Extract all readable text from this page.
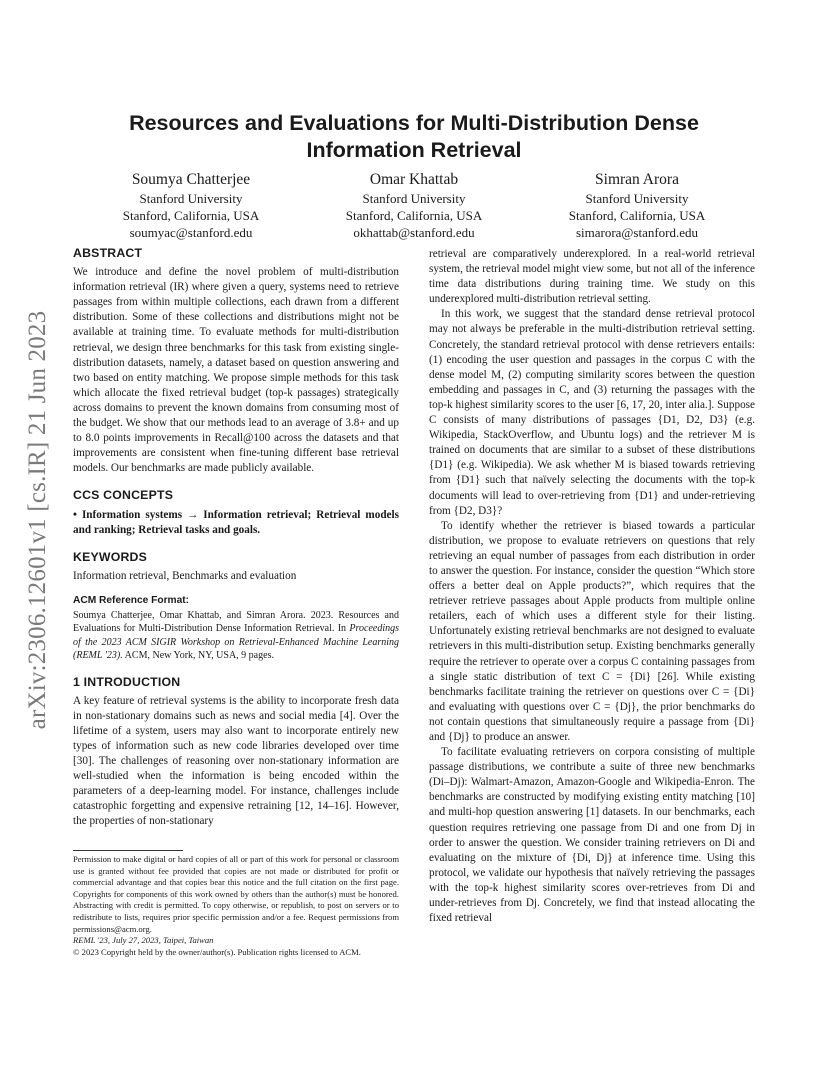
arXiv:2306.12601v1 [cs.IR] 21 Jun 2023
Resources and Evaluations for Multi-Distribution Dense Information Retrieval
Soumya Chatterjee
Stanford University
Stanford, California, USA
soumyac@stanford.edu
Omar Khattab
Stanford University
Stanford, California, USA
okhattab@stanford.edu
Simran Arora
Stanford University
Stanford, California, USA
simarora@stanford.edu
ABSTRACT

We introduce and define the novel problem of multi-distribution information retrieval (IR) where given a query, systems need to retrieve passages from within multiple collections, each drawn from a different distribution. Some of these collections and distributions might not be available at training time. To evaluate methods for multi-distribution retrieval, we design three benchmarks for this task from existing single-distribution datasets, namely, a dataset based on question answering and two based on entity matching. We propose simple methods for this task which allocate the fixed retrieval budget (top-k passages) strategically across domains to prevent the known domains from consuming most of the budget. We show that our methods lead to an average of 3.8+ and up to 8.0 points improvements in Recall@100 across the datasets and that improvements are consistent when fine-tuning different base retrieval models. Our benchmarks are made publicly available.

CCS CONCEPTS

• Information systems → Information retrieval; Retrieval models and ranking; Retrieval tasks and goals.

KEYWORDS

Information retrieval, Benchmarks and evaluation

ACM Reference Format:

Soumya Chatterjee, Omar Khattab, and Simran Arora. 2023. Resources and Evaluations for Multi-Distribution Dense Information Retrieval. In Proceedings of the 2023 ACM SIGIR Workshop on Retrieval-Enhanced Machine Learning (REML '23). ACM, New York, NY, USA, 9 pages.

1 INTRODUCTION

A key feature of retrieval systems is the ability to incorporate fresh data in non-stationary domains such as news and social media [4]. Over the lifetime of a system, users may also want to incorporate entirely new types of information such as new code libraries developed over time [30]. The challenges of reasoning over non-stationary information are well-studied when the information is being encoded within the parameters of a deep-learning model. For instance, challenges include catastrophic forgetting and expensive retraining [12, 14–16]. However, the properties of non-stationary

Permission to make digital or hard copies of all or part of this work for personal or classroom use is granted without fee provided that copies are not made or distributed for profit or commercial advantage and that copies bear this notice and the full citation on the first page. Copyrights for components of this work owned by others than the author(s) must be honored. Abstracting with credit is permitted. To copy otherwise, or republish, to post on servers or to redistribute to lists, requires prior specific permission and/or a fee. Request permissions from permissions@acm.org.

REML '23, July 27, 2023, Taipei, Taiwan

© 2023 Copyright held by the owner/author(s). Publication rights licensed to ACM.

retrieval are comparatively underexplored. In a real-world retrieval system, the retrieval model might view some, but not all of the inference time data distributions during training time. We study on this underexplored multi-distribution retrieval setting.

In this work, we suggest that the standard dense retrieval protocol may not always be preferable in the multi-distribution retrieval setting. Concretely, the standard retrieval protocol with dense retrievers entails: (1) encoding the user question and passages in the corpus C with the dense model M, (2) computing similarity scores between the question embedding and passages in C, and (3) returning the passages with the top-k highest similarity scores to the user [6, 17, 20, inter alia.]. Suppose C consists of many distributions of passages {D1, D2, D3} (e.g. Wikipedia, StackOverflow, and Ubuntu logs) and the retriever M is trained on documents that are similar to a subset of these distributions {D1} (e.g. Wikipedia). We ask whether M is biased towards retrieving from {D1} such that naïvely selecting the documents with the top-k documents will lead to over-retrieving from {D1} and under-retrieving from {D2, D3}?

To identify whether the retriever is biased towards a particular distribution, we propose to evaluate retrievers on questions that rely retrieving an equal number of passages from each distribution in order to answer the question. For instance, consider the question “Which store offers a better deal on Apple products?”, which requires that the retriever retrieve passages about Apple products from multiple online retailers, each of which uses a different style for their listing. Unfortunately existing retrieval benchmarks are not designed to evaluate retrievers in this multi-distribution setup. Existing benchmarks generally require the retriever to operate over a corpus C containing passages from a single static distribution of text C = {Di} [26]. While existing benchmarks facilitate training the retriever on questions over C = {Di} and evaluating with questions over C = {Dj}, the prior benchmarks do not contain questions that simultaneously require a passage from {Di} and {Dj} to produce an answer.

To facilitate evaluating retrievers on corpora consisting of multiple passage distributions, we contribute a suite of three new benchmarks (Di–Dj): Walmart-Amazon, Amazon-Google and Wikipedia-Enron. The benchmarks are constructed by modifying existing entity matching [10] and multi-hop question answering [1] datasets. In our benchmarks, each question requires retrieving one passage from Di and one from Dj in order to answer the question. We consider training retrievers on Di and evaluating on the mixture of {Di, Dj} at inference time. Using this protocol, we validate our hypothesis that naïvely retrieving the passages with the top-k highest similarity scores over-retrieves from Di and under-retrieves from Dj. Concretely, we find that instead allocating the fixed retrieval
